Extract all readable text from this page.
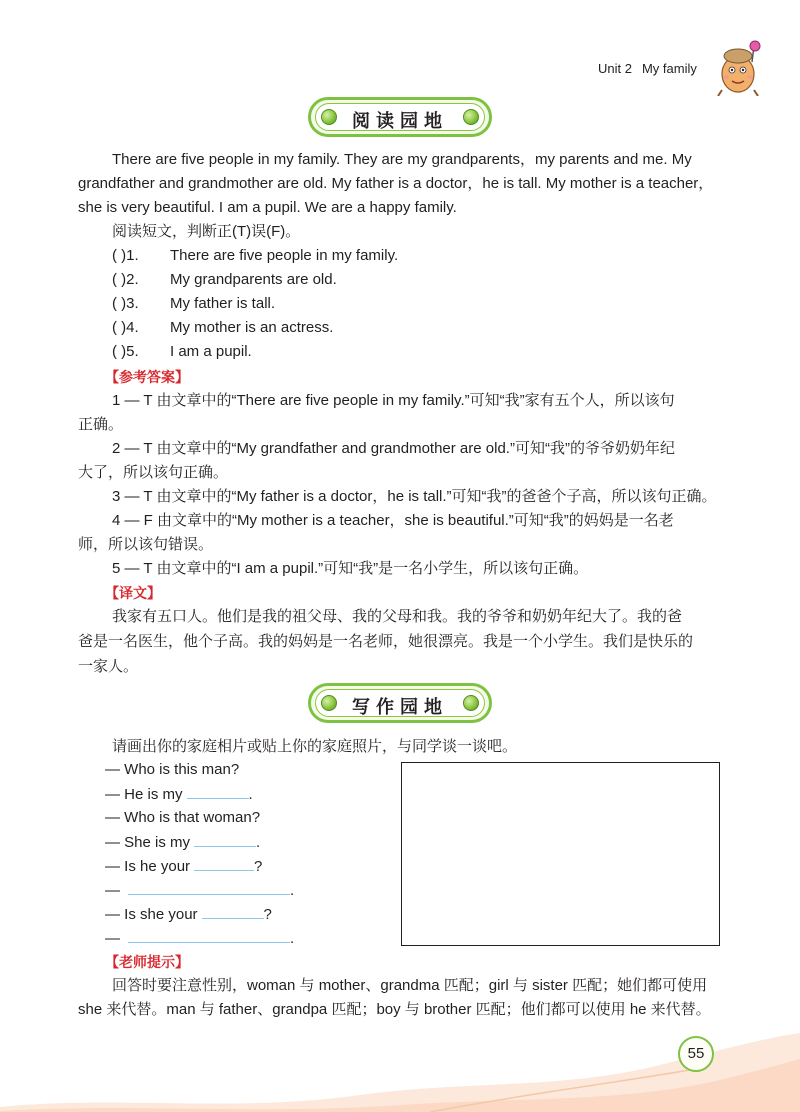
Unit 2 My family
阅读园地
There are five people in my family. They are my grandparents，my parents and me. My
grandfather and grandmother are old. My father is a doctor，he is tall. My mother is a teacher，
she is very beautiful. I am a pupil. We are a happy family.
阅读短文，判断正(T)误(F)。
( )1. There are five people in my family.
( )2. My grandparents are old.
( )3. My father is tall.
( )4. My mother is an actress.
( )5. I am a pupil.
【参考答案】
1 — T 由文章中的“There are five people in my family.”可知“我”家有五个人，所以该句
正确。
2 — T 由文章中的“My grandfather and grandmother are old.”可知“我”的爷爷奶奶年纪
大了，所以该句正确。
3 — T 由文章中的“My father is a doctor，he is tall.”可知“我”的爸爸个子高，所以该句正确。
4 — F 由文章中的“My mother is a teacher，she is beautiful.”可知“我”的妈妈是一名老
师，所以该句错误。
5 — T 由文章中的“I am a pupil.”可知“我”是一名小学生，所以该句正确。
【译文】
我家有五口人。他们是我的祖父母、我的父母和我。我的爷爷和奶奶年纪大了。我的爸
爸是一名医生，他个子高。我的妈妈是一名老师，她很漂亮。我是一个小学生。我们是快乐的
一家人。
写作园地
请画出你的家庭相片或贴上你的家庭照片，与同学谈一谈吧。
— Who is this man?
— He is my	.
— Who is that woman?
— She is my	.
— Is he your	?
—	.
— Is she your	?
—	.
【老师提示】
回答时要注意性别，woman 与 mother、grandma 匹配；girl 与 sister 匹配；她们都可使用
she 来代替。man 与 father、grandpa 匹配；boy 与 brother 匹配；他们都可以使用 he 来代替。
55
